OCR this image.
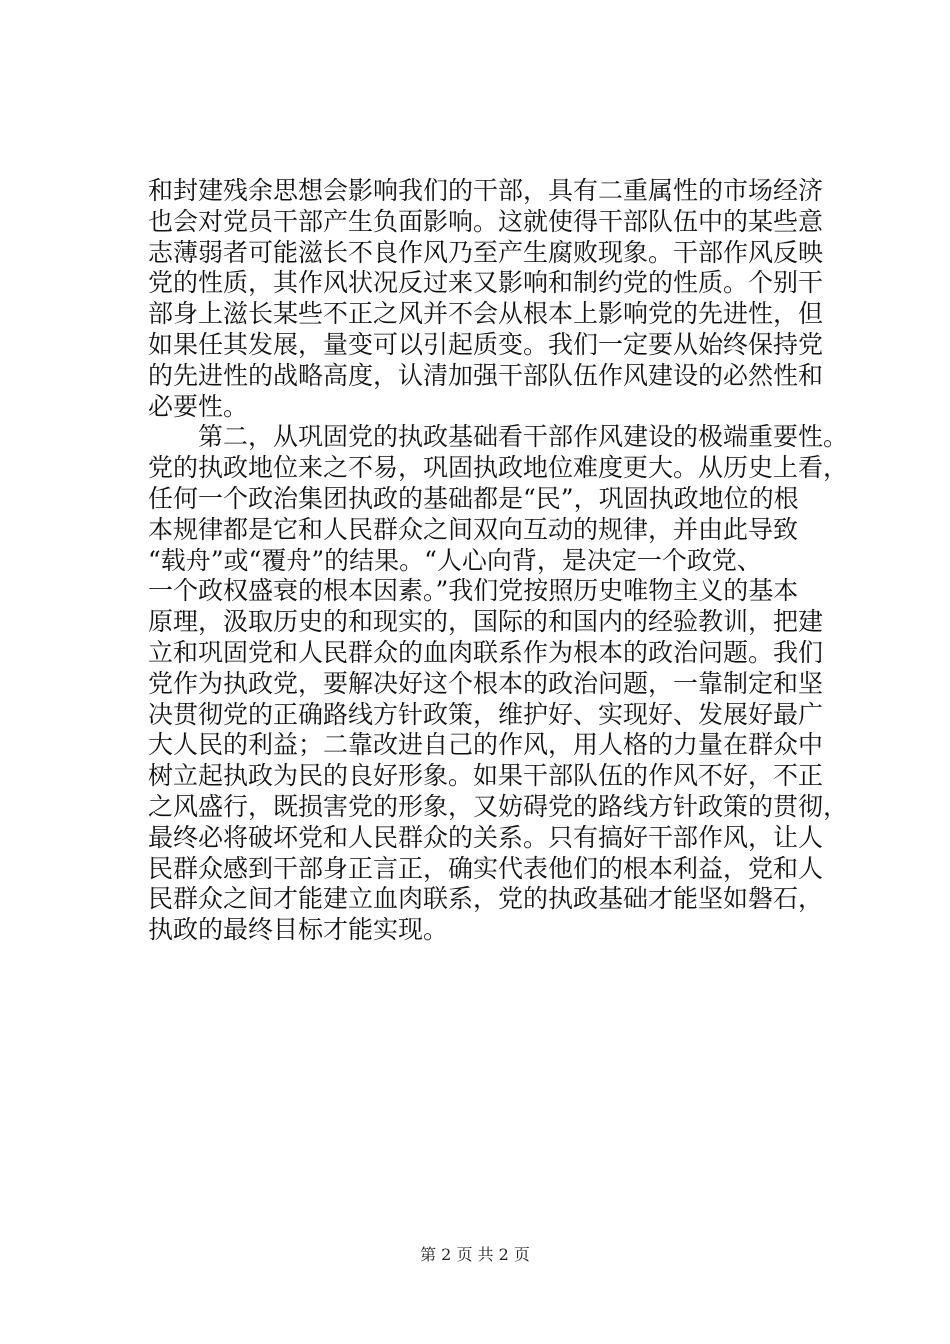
和封建残余思想会影响我们的干部，具有二重属性的市场经济
也会对党员干部产生负面影响。这就使得干部队伍中的某些意
志薄弱者可能滋长不良作风乃至产生腐败现象。干部作风反映
党的性质，其作风状况反过来又影响和制约党的性质。个别干
部身上滋长某些不正之风并不会从根本上影响党的先进性，但
如果任其发展，量变可以引起质变。我们一定要从始终保持党
的先进性的战略高度，认清加强干部队伍作风建设的必然性和
必要性。
　　第二，从巩固党的执政基础看干部作风建设的极端重要性。
党的执政地位来之不易，巩固执政地位难度更大。从历史上看，
任何一个政治集团执政的基础都是“民”，巩固执政地位的根
本规律都是它和人民群众之间双向互动的规律，并由此导致
“载舟”或“覆舟”的结果。“人心向背，是决定一个政党、
一个政权盛衰的根本因素。”我们党按照历史唯物主义的基本
原理，汲取历史的和现实的，国际的和国内的经验教训，把建
立和巩固党和人民群众的血肉联系作为根本的政治问题。我们
党作为执政党，要解决好这个根本的政治问题，一靠制定和坚
决贯彻党的正确路线方针政策，维护好、实现好、发展好最广
大人民的利益；二靠改进自己的作风，用人格的力量在群众中
树立起执政为民的良好形象。如果干部队伍的作风不好，不正
之风盛行，既损害党的形象，又妨碍党的路线方针政策的贯彻，
最终必将破坏党和人民群众的关系。只有搞好干部作风，让人
民群众感到干部身正言正，确实代表他们的根本利益，党和人
民群众之间才能建立血肉联系，党的执政基础才能坚如磐石，
执政的最终目标才能实现。
第 2 页 共 2 页
